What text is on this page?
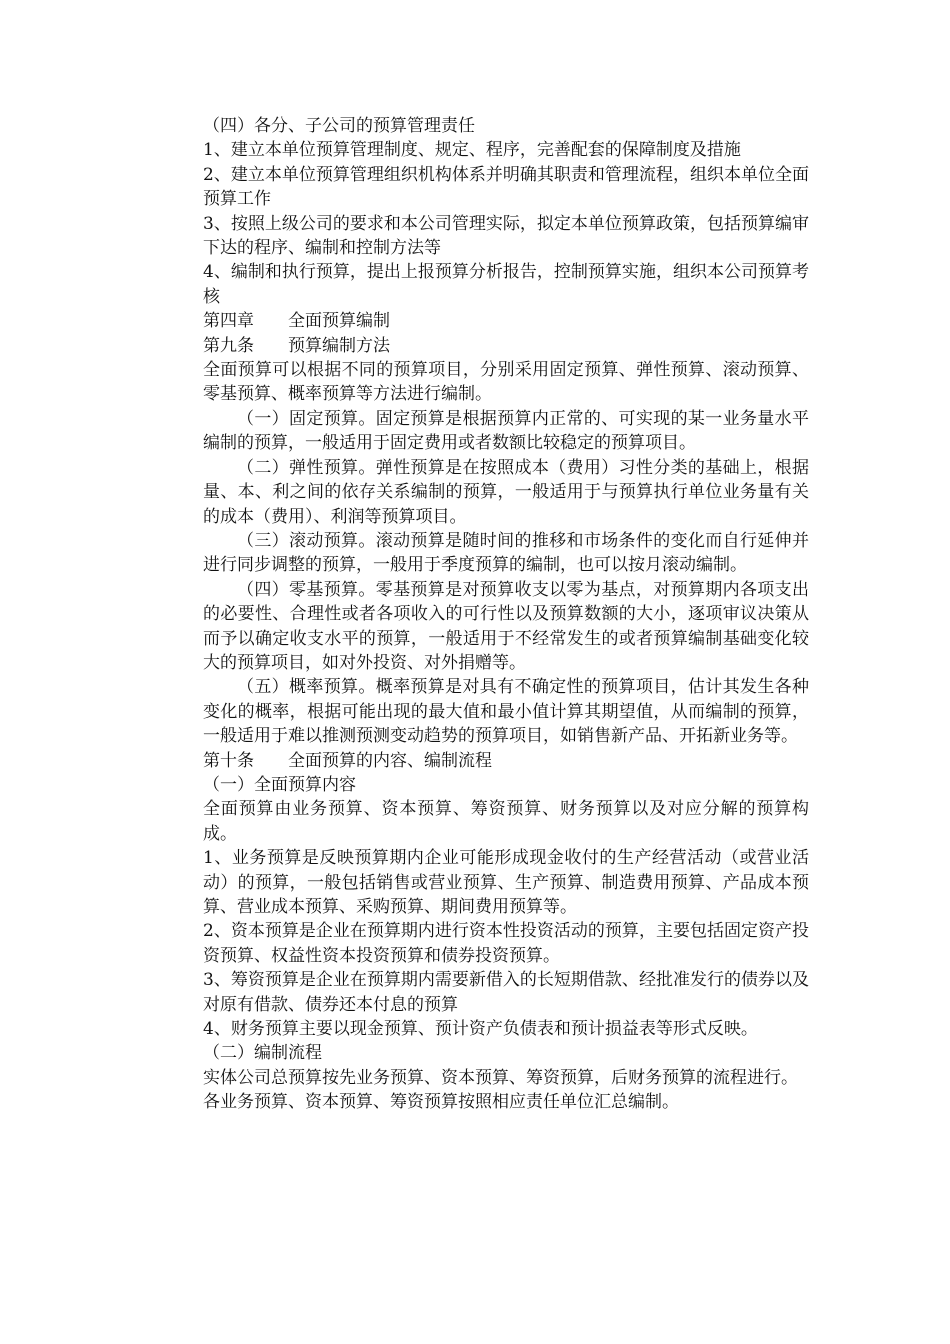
（四）各分、子公司的预算管理责任

1、建立本单位预算管理制度、规定、程序，完善配套的保障制度及措施

2、建立本单位预算管理组织机构体系并明确其职责和管理流程，组织本单位全面预算工作

3、按照上级公司的要求和本公司管理实际，拟定本单位预算政策，包括预算编审下达的程序、编制和控制方法等

4、编制和执行预算，提出上报预算分析报告，控制预算实施，组织本公司预算考核

第四章 全面预算编制

第九条 预算编制方法

全面预算可以根据不同的预算项目，分别采用固定预算、弹性预算、滚动预算、零基预算、概率预算等方法进行编制。

（一）固定预算。固定预算是根据预算内正常的、可实现的某一业务量水平编制的预算，一般适用于固定费用或者数额比较稳定的预算项目。

（二）弹性预算。弹性预算是在按照成本（费用）习性分类的基础上，根据量、本、利之间的依存关系编制的预算，一般适用于与预算执行单位业务量有关的成本（费用）、利润等预算项目。

（三）滚动预算。滚动预算是随时间的推移和市场条件的变化而自行延伸并进行同步调整的预算，一般用于季度预算的编制，也可以按月滚动编制。

（四）零基预算。零基预算是对预算收支以零为基点，对预算期内各项支出的必要性、合理性或者各项收入的可行性以及预算数额的大小，逐项审议决策从而予以确定收支水平的预算，一般适用于不经常发生的或者预算编制基础变化较大的预算项目，如对外投资、对外捐赠等。

（五）概率预算。概率预算是对具有不确定性的预算项目，估计其发生各种变化的概率，根据可能出现的最大值和最小值计算其期望值，从而编制的预算，一般适用于难以推测预测变动趋势的预算项目，如销售新产品、开拓新业务等。

第十条 全面预算的内容、编制流程

（一）全面预算内容

全面预算由业务预算、资本预算、筹资预算、财务预算以及对应分解的预算构成。

1、业务预算是反映预算期内企业可能形成现金收付的生产经营活动（或营业活动）的预算，一般包括销售或营业预算、生产预算、制造费用预算、产品成本预算、营业成本预算、采购预算、期间费用预算等。

2、资本预算是企业在预算期内进行资本性投资活动的预算，主要包括固定资产投资预算、权益性资本投资预算和债券投资预算。

3、筹资预算是企业在预算期内需要新借入的长短期借款、经批准发行的债券以及对原有借款、债券还本付息的预算

4、财务预算主要以现金预算、预计资产负债表和预计损益表等形式反映。

（二）编制流程

实体公司总预算按先业务预算、资本预算、筹资预算，后财务预算的流程进行。

各业务预算、资本预算、筹资预算按照相应责任单位汇总编制。
